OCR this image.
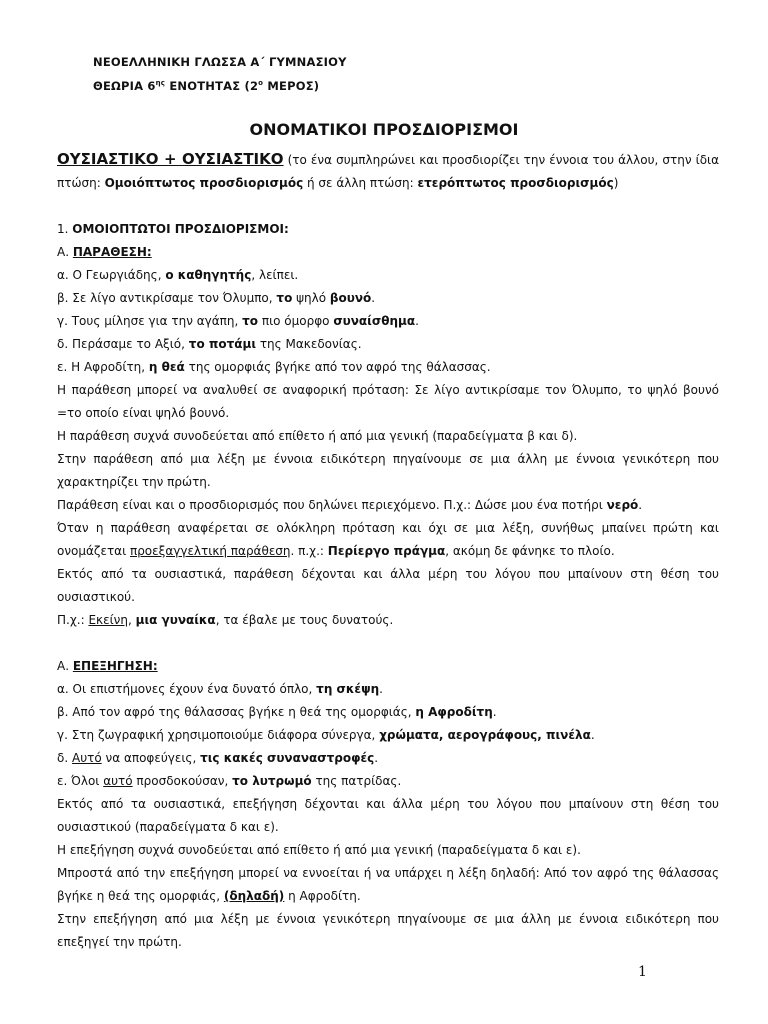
ΝΕΟΕΛΛΗΝΙΚΗ ΓΛΩΣΣΑ Α΄ ΓΥΜΝΑΣΙΟΥ
ΘΕΩΡΙΑ $6^{\eta\varsigma}$ ΕΝΟΤΗΤΑΣ ($2^o$ ΜΕΡΟΣ)
ΟΝΟΜΑΤΙΚΟΙ ΠΡΟΣΔΙΟΡΙΣΜΟΙ

ΟΥΣΙΑΣΤΙΚΟ + ΟΥΣΙΑΣΤΙΚΟ (το ένα συμπληρώνει και προσδιορίζει την έννοια του άλλου, στην ίδια πτώση: Ομοιόπτωτος προσδιορισμός ή σε άλλη πτώση: ετερόπτωτος προσδιορισμός)

1. ΟΜΟΙΟΠΤΩΤΟΙ ΠΡΟΣΔΙΟΡΙΣΜΟΙ:

Α. ΠΑΡΑΘΕΣΗ:

α. Ο Γεωργιάδης, ο καθηγητής, λείπει.

β. Σε λίγο αντικρίσαμε τον Όλυμπο, το ψηλό βουνό.

γ. Τους μίλησε για την αγάπη, το πιο όμορφο συναίσθημα.

δ. Περάσαμε το Αξιό, το ποτάμι της Μακεδονίας.

ε. Η Αφροδίτη, η θεά της ομορφιάς βγήκε από τον αφρό της θάλασσας.

Η παράθεση μπορεί να αναλυθεί σε αναφορική πρόταση: Σε λίγο αντικρίσαμε τον Όλυμπο, το ψηλό βουνό =το οποίο είναι ψηλό βουνό.

Η παράθεση συχνά συνοδεύεται από επίθετο ή από μια γενική (παραδείγματα β και δ).

Στην παράθεση από μια λέξη με έννοια ειδικότερη πηγαίνουμε σε μια άλλη με έννοια γενικότερη που χαρακτηρίζει την πρώτη.

Παράθεση είναι και ο προσδιορισμός που δηλώνει περιεχόμενο. Π.χ.: Δώσε μου ένα ποτήρι νερό.

Όταν η παράθεση αναφέρεται σε ολόκληρη πρόταση και όχι σε μια λέξη, συνήθως μπαίνει πρώτη και ονομάζεται προεξαγγελτική παράθεση. π.χ.: Περίεργο πράγμα, ακόμη δε φάνηκε το πλοίο.

Εκτός από τα ουσιαστικά, παράθεση δέχονται και άλλα μέρη του λόγου που μπαίνουν στη θέση του ουσιαστικού.

Π.χ.: Εκείνη, μια γυναίκα, τα έβαλε με τους δυνατούς.

Α. ΕΠΕΞΗΓΗΣΗ:

α. Οι επιστήμονες έχουν ένα δυνατό όπλο, τη σκέψη.

β. Από τον αφρό της θάλασσας βγήκε η θεά της ομορφιάς, η Αφροδίτη.

γ. Στη ζωγραφική χρησιμοποιούμε διάφορα σύνεργα, χρώματα, αερογράφους, πινέλα.

δ. Αυτό να αποφεύγεις, τις κακές συναναστροφές.

ε. Όλοι αυτό προσδοκούσαν, το λυτρωμό της πατρίδας.

Εκτός από τα ουσιαστικά, επεξήγηση δέχονται και άλλα μέρη του λόγου που μπαίνουν στη θέση του ουσιαστικού (παραδείγματα δ και ε).

Η επεξήγηση συχνά συνοδεύεται από επίθετο ή από μια γενική (παραδείγματα δ και ε).

Μπροστά από την επεξήγηση μπορεί να εννοείται ή να υπάρχει η λέξη δηλαδή: Από τον αφρό της θάλασσας βγήκε η θεά της ομορφιάς, (δηλαδή) η Αφροδίτη.

Στην επεξήγηση από μια λέξη με έννοια γενικότερη πηγαίνουμε σε μια άλλη με έννοια ειδικότερη που επεξηγεί την πρώτη.

1
